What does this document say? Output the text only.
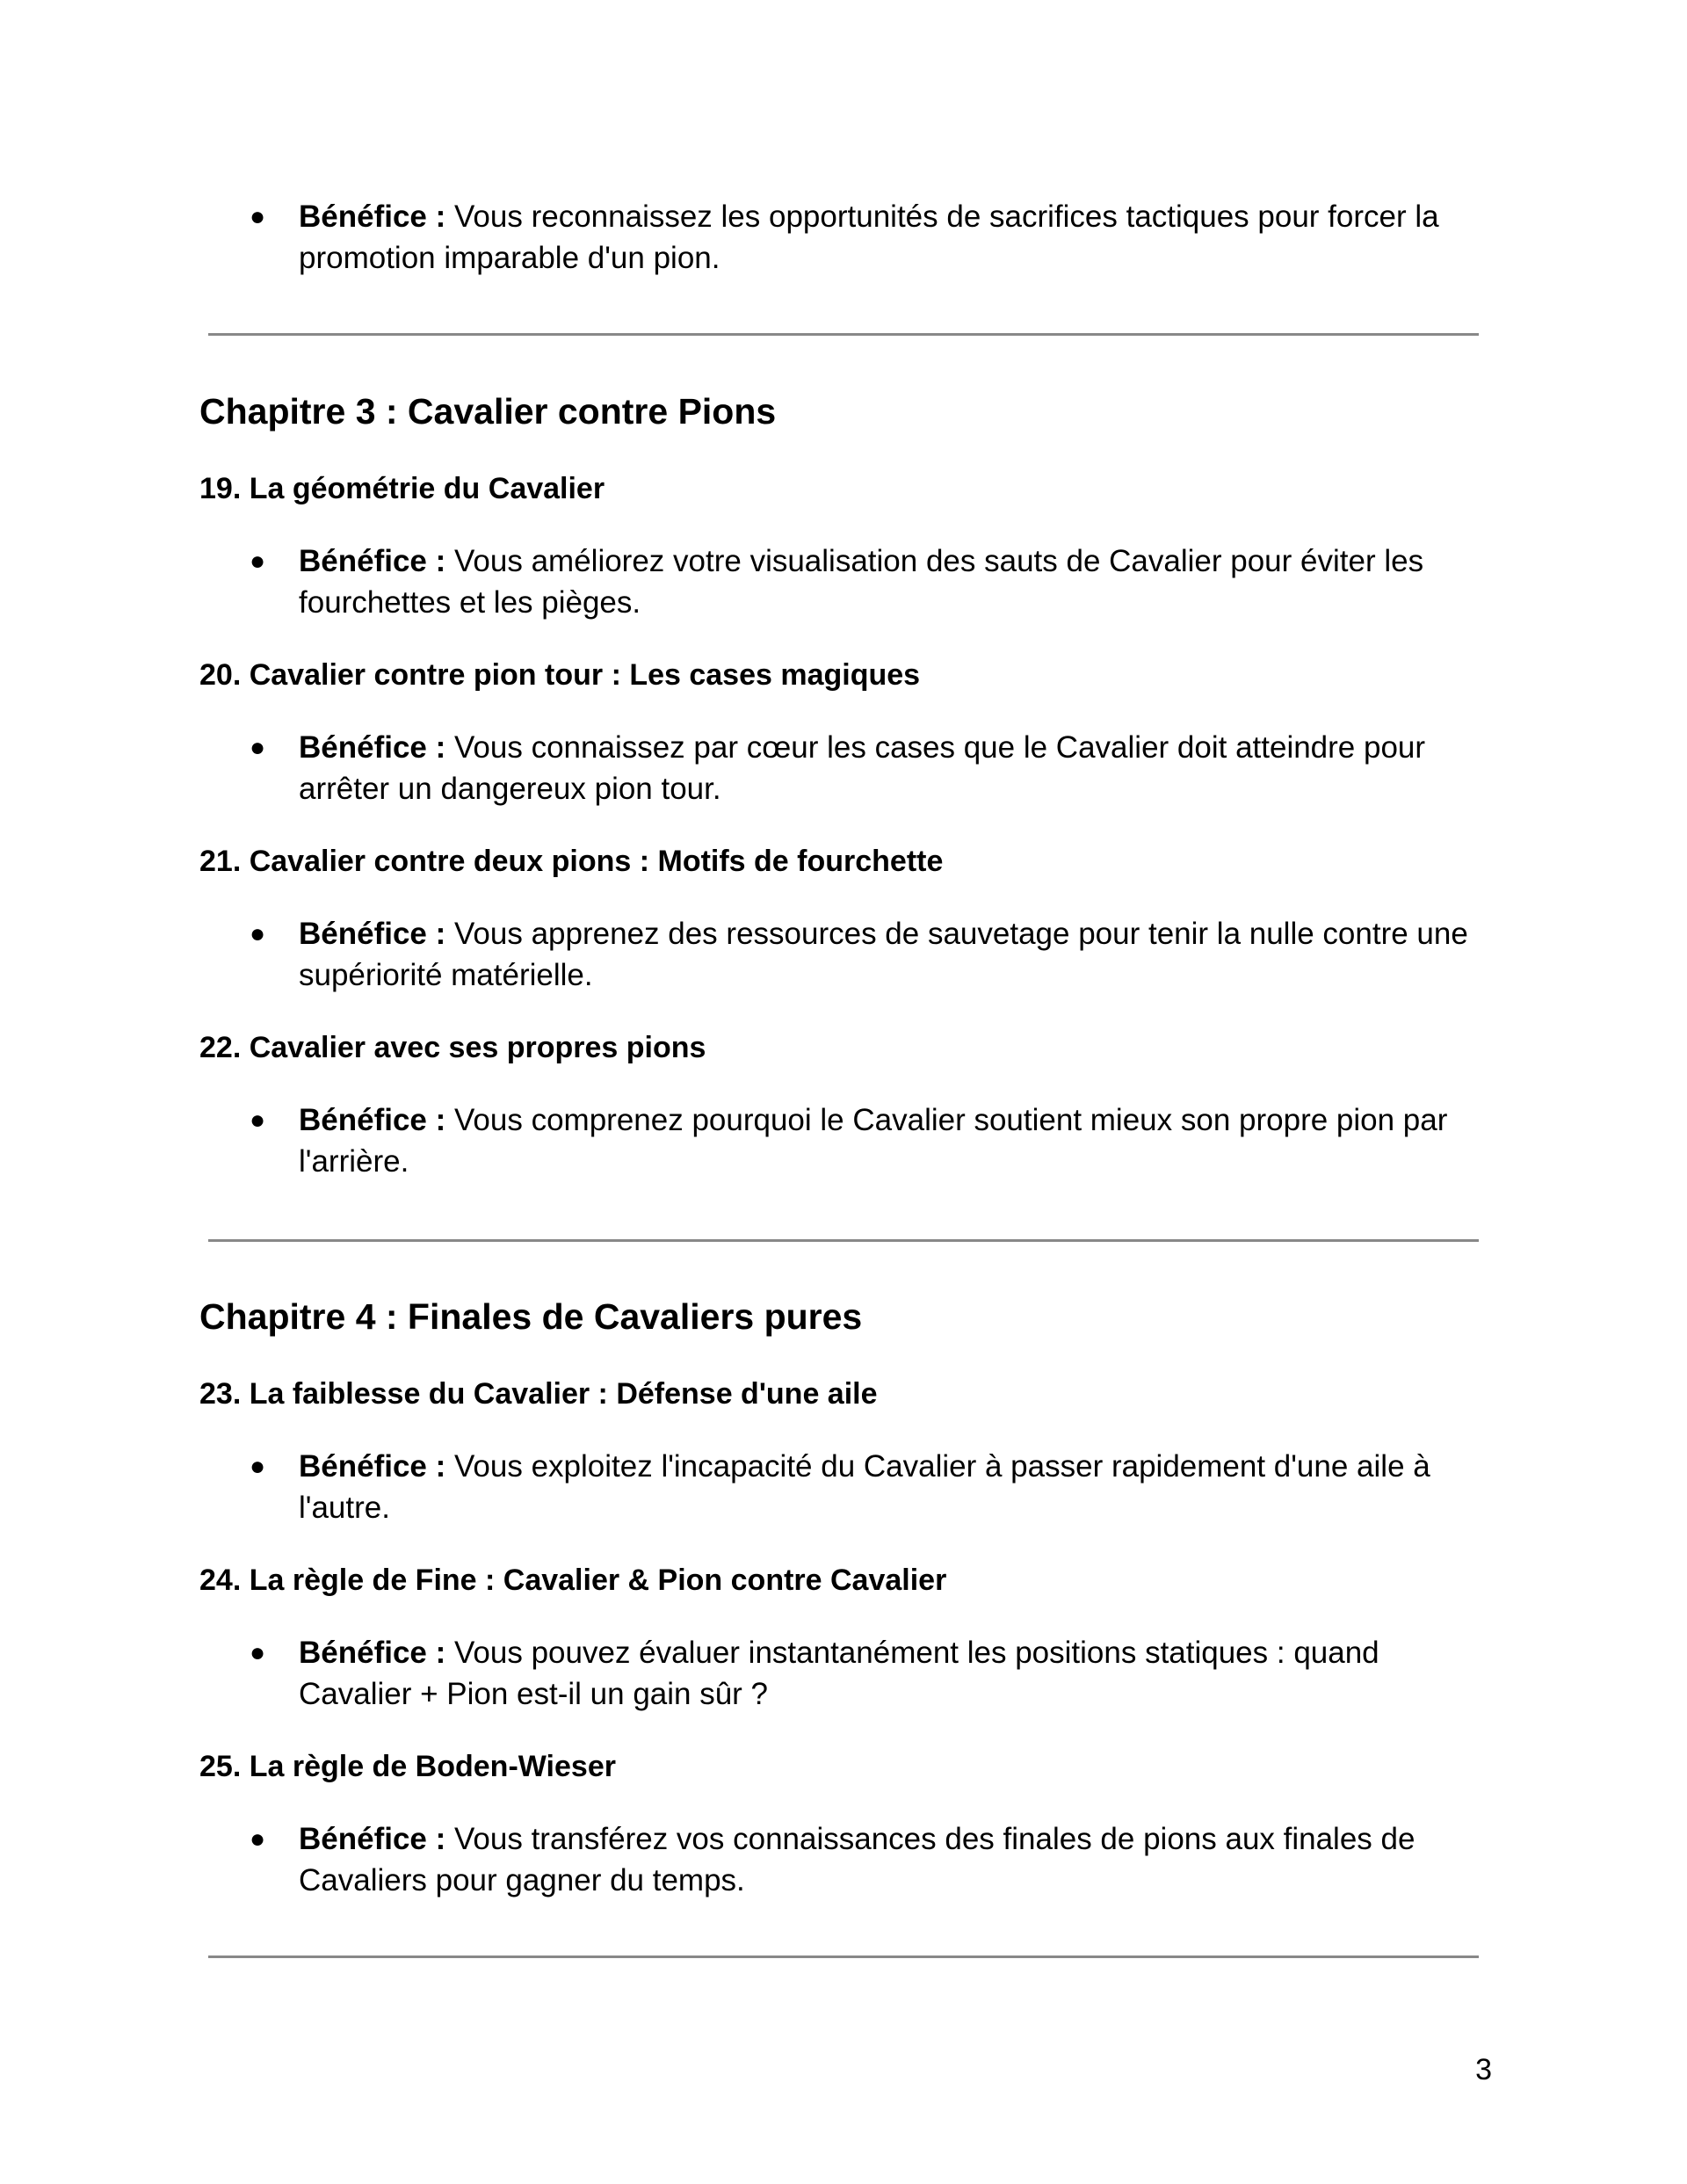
● Bénéfice : Vous reconnaissez les opportunités de sacrifices tactiques pour forcer la promotion imparable d'un pion.

Chapitre 3 : Cavalier contre Pions
19. La géométrie du Cavalier

● Bénéfice : Vous améliorez votre visualisation des sauts de Cavalier pour éviter les fourchettes et les pièges.

20. Cavalier contre pion tour : Les cases magiques

● Bénéfice : Vous connaissez par cœur les cases que le Cavalier doit atteindre pour arrêter un dangereux pion tour.

21. Cavalier contre deux pions : Motifs de fourchette

● Bénéfice : Vous apprenez des ressources de sauvetage pour tenir la nulle contre une supériorité matérielle.

22. Cavalier avec ses propres pions

● Bénéfice : Vous comprenez pourquoi le Cavalier soutient mieux son propre pion par l'arrière.

Chapitre 4 : Finales de Cavaliers pures
23. La faiblesse du Cavalier : Défense d'une aile

● Bénéfice : Vous exploitez l'incapacité du Cavalier à passer rapidement d'une aile à l'autre.

24. La règle de Fine : Cavalier & Pion contre Cavalier

● Bénéfice : Vous pouvez évaluer instantanément les positions statiques : quand Cavalier + Pion est-il un gain sûr ?

25. La règle de Boden-Wieser

● Bénéfice : Vous transférez vos connaissances des finales de pions aux finales de Cavaliers pour gagner du temps.

3
